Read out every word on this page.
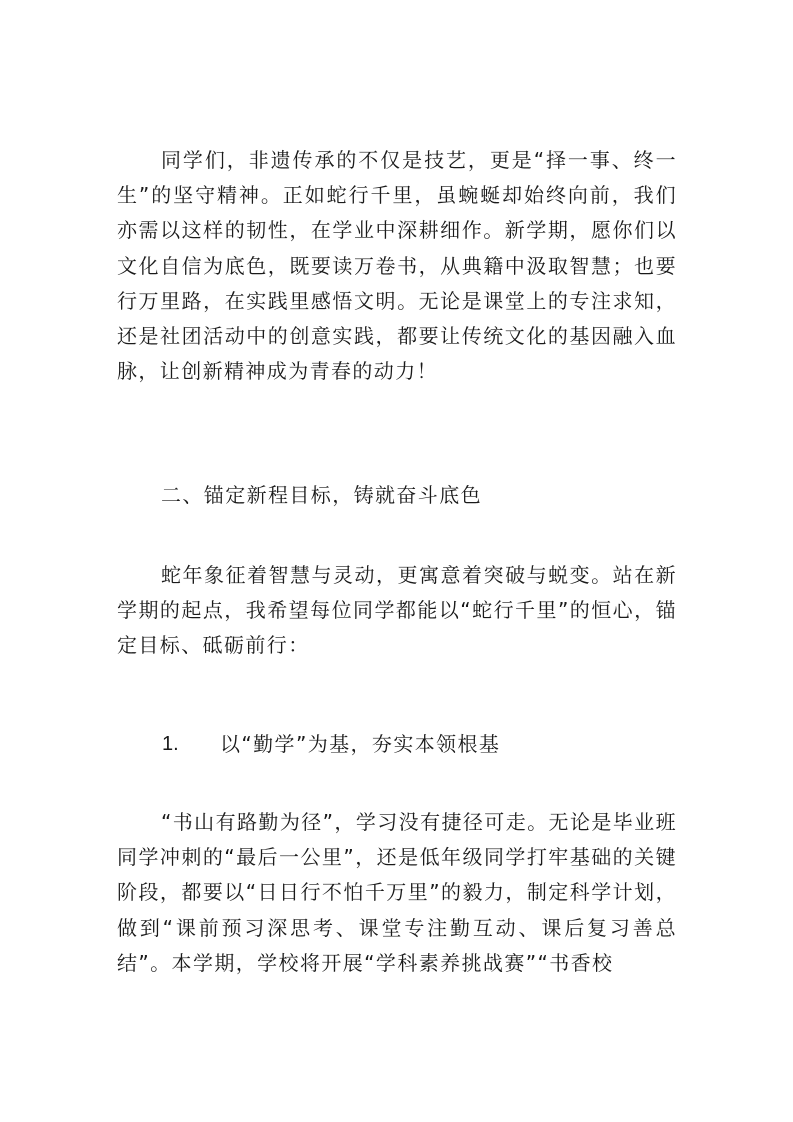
同学们，非遗传承的不仅是技艺，更是“择一事、终一生”的坚守精神。正如蛇行千里，虽蜿蜒却始终向前，我们亦需以这样的韧性，在学业中深耕细作。新学期，愿你们以文化自信为底色，既要读万卷书，从典籍中汲取智慧；也要行万里路，在实践里感悟文明。无论是课堂上的专注求知，还是社团活动中的创意实践，都要让传统文化的基因融入血脉，让创新精神成为青春的动力！

二、锚定新程目标，铸就奋斗底色

蛇年象征着智慧与灵动，更寓意着突破与蜕变。站在新学期的起点，我希望每位同学都能以“蛇行千里”的恒心，锚定目标、砥砺前行：

1.	以“勤学”为基，夯实本领根基

“书山有路勤为径”，学习没有捷径可走。无论是毕业班同学冲刺的“最后一公里”，还是低年级同学打牢基础的关键阶段，都要以“日日行不怕千万里”的毅力，制定科学计划，做到“课前预习深思考、课堂专注勤互动、课后复习善总结”。本学期，学校将开展“学科素养挑战赛”“书香校
